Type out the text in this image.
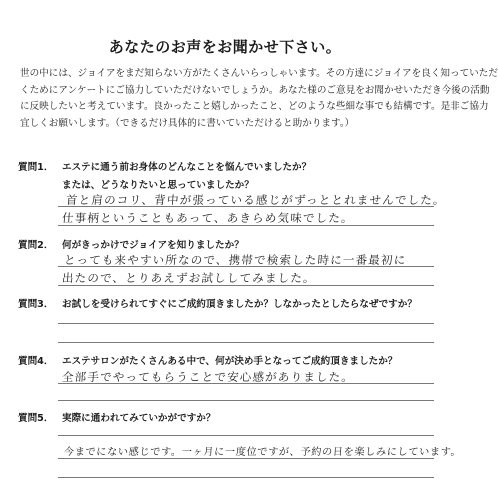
あなたのお声をお聞かせ下さい。

世の中には、ジョイアをまだ知らない方がたくさんいらっしゃいます。その方達にジョイアを良く知っていただ

くためにアンケートにご協力していただけないでしょうか。あなた様のご意見をお聞かせいただき今後の活動

に反映したいと考えています。良かったこと嬉しかったこと、どのような些細な事でも結構です。是非ご協力

宜しくお願いします。（できるだけ具体的に書いていただけると助かります。）

質問1． エステに通う前お身体のどんなことを悩んでいましたか？
または、どうなりたいと思っていましたか？
首と肩のコリ、背中が張っている感じがずっととれませんでした。
仕事柄ということもあって、あきらめ気味でした。
質問2． 何がきっかけでジョイアを知りましたか？
とっても来やすい所なので、携帯で検索した時に一番最初に
出たので、とりあえずお試ししてみました。
質問3． お試しを受けられてすぐにご成約頂きましたか？しなかったとしたらなぜですか？
質問4． エステサロンがたくさんある中で、何が決め手となってご成約頂きましたか？
全部手でやってもらうことで安心感がありました。
質問5． 実際に通われてみていかがですか？
今までにない感じです。一ヶ月に一度位ですが、予約の日を楽しみにしています。
